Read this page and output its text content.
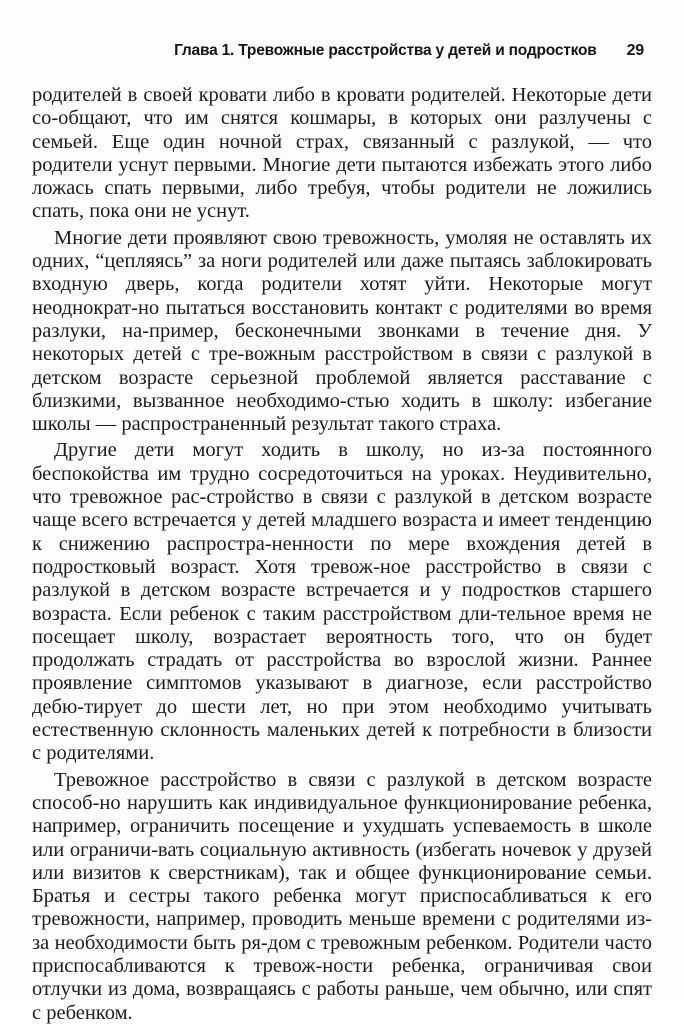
Глава 1. Тревожные расстройства у детей и подростков 29

родителей в своей кровати либо в кровати родителей. Некоторые дети со-общают, что им снятся кошмары, в которых они разлучены с семьей. Еще один ночной страх, связанный с разлукой, — что родители уснут первыми. Многие дети пытаются избежать этого либо ложась спать первыми, либо требуя, чтобы родители не ложились спать, пока они не уснут.

Многие дети проявляют свою тревожность, умоляя не оставлять их одних, “цепляясь” за ноги родителей или даже пытаясь заблокировать входную дверь, когда родители хотят уйти. Некоторые могут неоднократ-но пытаться восстановить контакт с родителями во время разлуки, на-пример, бесконечными звонками в течение дня. У некоторых детей с тре-вожным расстройством в связи с разлукой в детском возрасте серьезной проблемой является расставание с близкими, вызванное необходимо-стью ходить в школу: избегание школы — распространенный результат такого страха.

Другие дети могут ходить в школу, но из-за постоянного беспокойства им трудно сосредоточиться на уроках. Неудивительно, что тревожное рас-стройство в связи с разлукой в детском возрасте чаще всего встречается у детей младшего возраста и имеет тенденцию к снижению распростра-ненности по мере вхождения детей в подростковый возраст. Хотя тревож-ное расстройство в связи с разлукой в детском возрасте встречается и у подростков старшего возраста. Если ребенок с таким расстройством дли-тельное время не посещает школу, возрастает вероятность того, что он будет продолжать страдать от расстройства во взрослой жизни. Раннее проявление симптомов указывают в диагнозе, если расстройство дебю-тирует до шести лет, но при этом необходимо учитывать естественную склонность маленьких детей к потребности в близости с родителями.

Тревожное расстройство в связи с разлукой в детском возрасте способ-но нарушить как индивидуальное функционирование ребенка, например, ограничить посещение и ухудшать успеваемость в школе или ограничи-вать социальную активность (избегать ночевок у друзей или визитов к сверстникам), так и общее функционирование семьи. Братья и сестры такого ребенка могут приспосабливаться к его тревожности, например, проводить меньше времени с родителями из-за необходимости быть ря-дом с тревожным ребенком. Родители часто приспосабливаются к тревож-ности ребенка, ограничивая свои отлучки из дома, возвращаясь с работы раньше, чем обычно, или спят с ребенком.
